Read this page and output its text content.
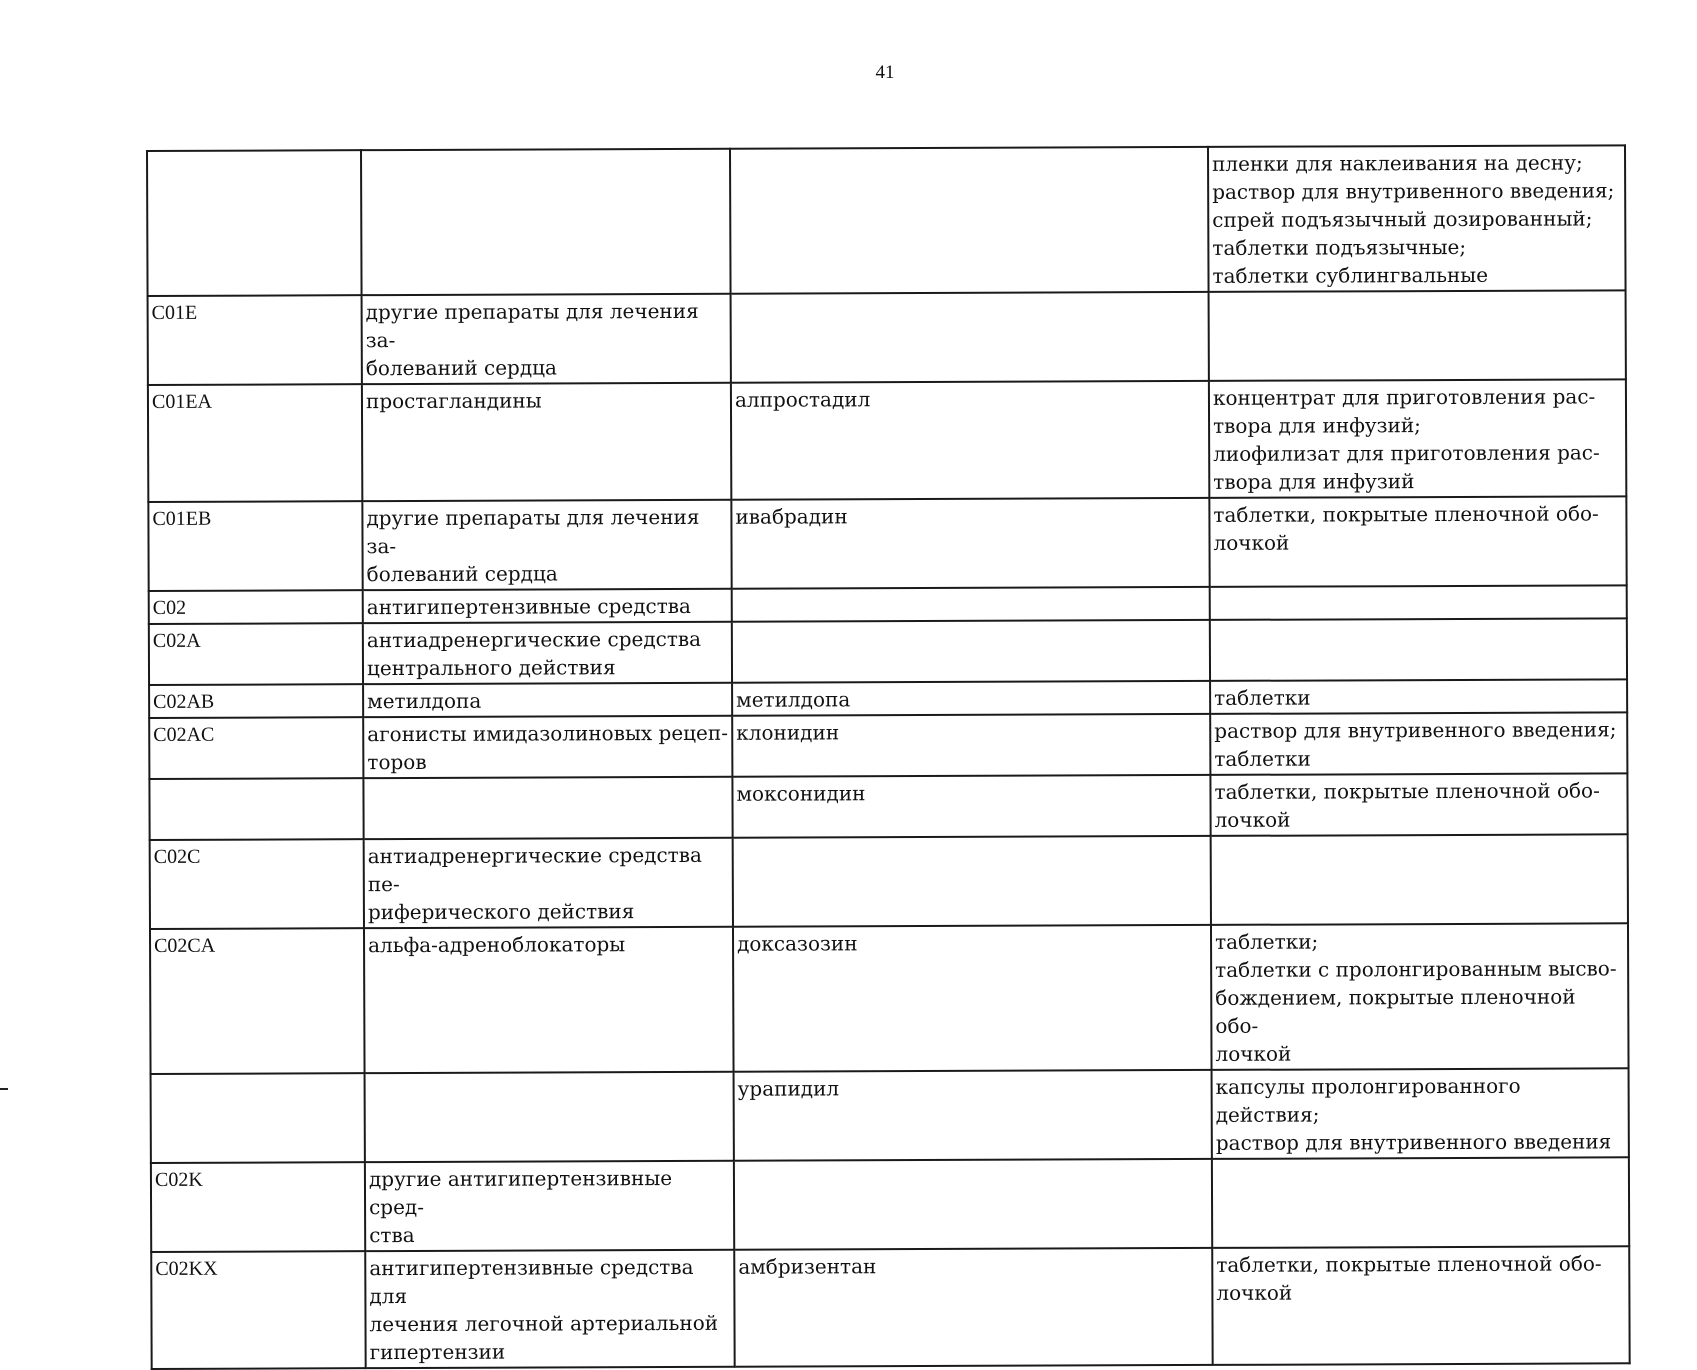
41
			пленки для наклеивания на десну;
раствор для внутривенного введения;
спрей подъязычный дозированный;
таблетки подъязычные;
таблетки сублингвальные
C01E	другие препараты для лечения за-
болеваний сердца		
C01EA	простагландины	алпростадил	концентрат для приготовления рас-
твора для инфузий;
лиофилизат для приготовления рас-
твора для инфузий
C01EB	другие препараты для лечения за-
болеваний сердца	ивабрадин	таблетки, покрытые пленочной обо-
лочкой
C02	антигипертензивные средства		
C02A	антиадренергические средства
центрального действия		
C02AB	метилдопа	метилдопа	таблетки
C02AC	агонисты имидазолиновых рецеп-
торов	клонидин	раствор для внутривенного введения;
таблетки
		моксонидин	таблетки, покрытые пленочной обо-
лочкой
C02C	антиадренергические средства пе-
риферического действия		
C02CA	альфа-адреноблокаторы	доксазозин	таблетки;
таблетки с пролонгированным высво-
бождением, покрытые пленочной обо-
лочкой
		урапидил	капсулы пролонгированного действия;
раствор для внутривенного введения
C02K	другие антигипертензивные сред-
ства		
C02KX	антигипертензивные средства для
лечения легочной артериальной
гипертензии	амбризентан	таблетки, покрытые пленочной обо-
лочкой
